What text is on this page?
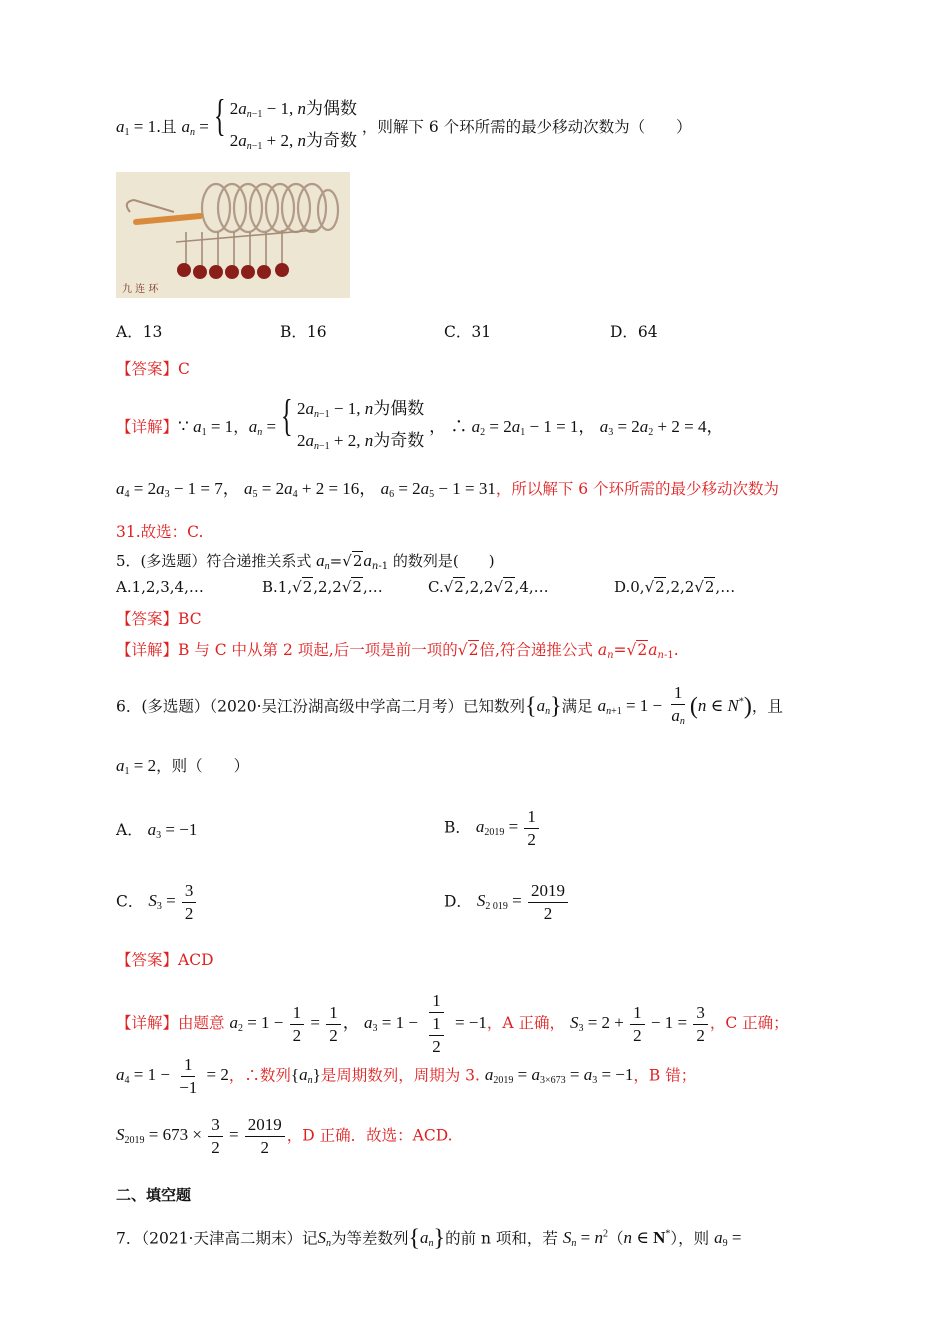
$a_1 = 1$.且 $a_n$ = { $2a_{n-1} - 1$, n为偶数
$2a_{n-1} + 2$, n为奇数 ，则解下 6 个环所需的最少移动次数为（　　）
九 连 环
A．13	B．16	C．31	D．64
【答案】C
【详解】∵ $a_1 = 1$，$a_n$ = { $2a_{n-1} - 1$, n为偶数
$2a_{n-1} + 2$, n为奇数 ， ∴ $a_2 = 2a_1 - 1 = 1$， $a_3 = 2a_2 + 2 = 4$，
$a_4 = 2a_3 - 1 = 7$， $a_5 = 2a_4 + 2 = 16$， $a_6 = 2a_5 - 1 = 31$，所以解下 6 个环所需的最少移动次数为
31.故选：C.
5．(多选题）符合递推关系式 $a_n=√2a_{n-1}$ 的数列是(　　)
A.1,2,3,4,…	B.1,√2,2,2√2,…	C.√2,2,2√2,4,…	D.0,√2,2,2√2,…
【答案】BC
【详解】B 与 C 中从第 2 项起,后一项是前一项的√2倍,符合递推公式 $a_n=√2a_{n-1}$.
6．(多选题）（2020·吴江汾湖高级中学高二月考）已知数列$\{a_n\}$满足 $a_{n+1} = 1 - \frac{1}{a_n} (n$ ∈ N*)，且
$a_1 = 2$，则（　　）
A． $a_3 = -1$	B． $a_{2019} = \frac{1}{2}$
C． $S_3 = \frac{3}{2}$	D． $S_{2 019} = \frac{2019}{2}$
【答案】ACD
【详解】由题意 $a_2 = 1 - \frac{1}{2} = \frac{1}{2}$ ， $a_3 = 1 - \frac{1}{\frac{1}{2}} = -1$，A 正确， $S_3 = 2 + \frac{1}{2} - 1 = \frac{3}{2}$ ，C 正确；
$a_4 = 1 - \frac{1}{-1} = 2$，∴数列$\{a_n\}$是周期数列，周期为 3. $a_{2019} = a_{3\times 673} = a_3 = -1$，B 错；
$S_{2019} = 673 \times \frac{3}{2} = \frac{2019}{2}$ ，D 正确．故选：ACD.
二、填空题
7．（2021·天津高二期末）记$S_n$为等差数列$\{a_n\}$的前 n 项和，若 $S_n = n^2(n$ ∈ N*），则 $a_9$ =
